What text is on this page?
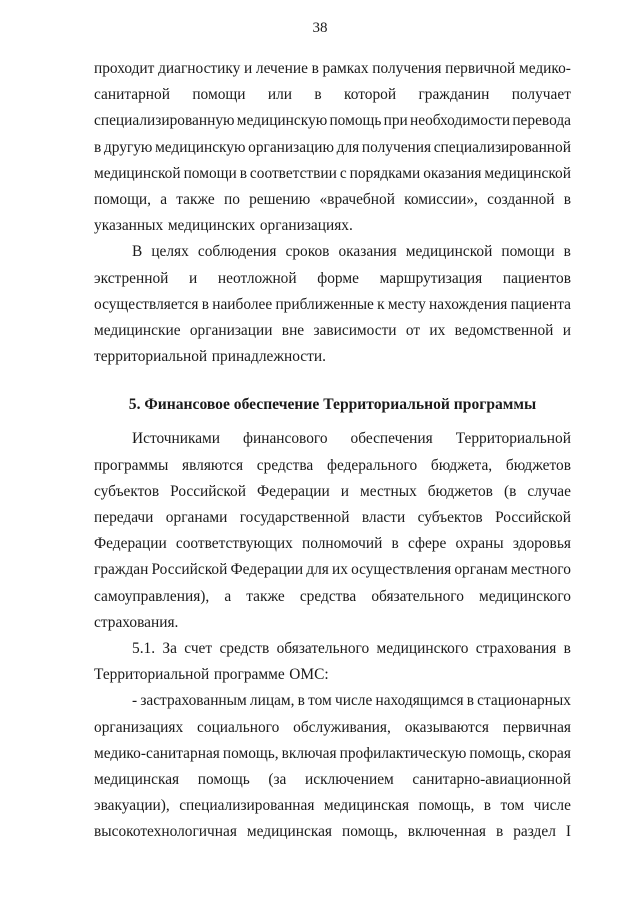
38
проходит диагностику и лечение в рамках получения первичной медико-
санитарной помощи или в которой гражданин получает
специализированную медицинскую помощь при необходимости перевода
в другую медицинскую организацию для получения специализированной
медицинской помощи в соответствии с порядками оказания медицинской
помощи, а также по решению «врачебной комиссии», созданной в
указанных медицинских организациях.
В целях соблюдения сроков оказания медицинской помощи в
экстренной и неотложной форме маршрутизация пациентов
осуществляется в наиболее приближенные к месту нахождения пациента
медицинские организации вне зависимости от их ведомственной и
территориальной принадлежности.
5. Финансовое обеспечение Территориальной программы
Источниками финансового обеспечения Территориальной
программы являются средства федерального бюджета, бюджетов
субъектов Российской Федерации и местных бюджетов (в случае
передачи органами государственной власти субъектов Российской
Федерации соответствующих полномочий в сфере охраны здоровья
граждан Российской Федерации для их осуществления органам местного
самоуправления), а также средства обязательного медицинского
страхования.
5.1. За счет средств обязательного медицинского страхования в
Территориальной программе ОМС:
- застрахованным лицам, в том числе находящимся в стационарных
организациях социального обслуживания, оказываются первичная
медико-санитарная помощь, включая профилактическую помощь, скорая
медицинская помощь (за исключением санитарно-авиационной
эвакуации), специализированная медицинская помощь, в том числе
высокотехнологичная медицинская помощь, включенная в раздел I
